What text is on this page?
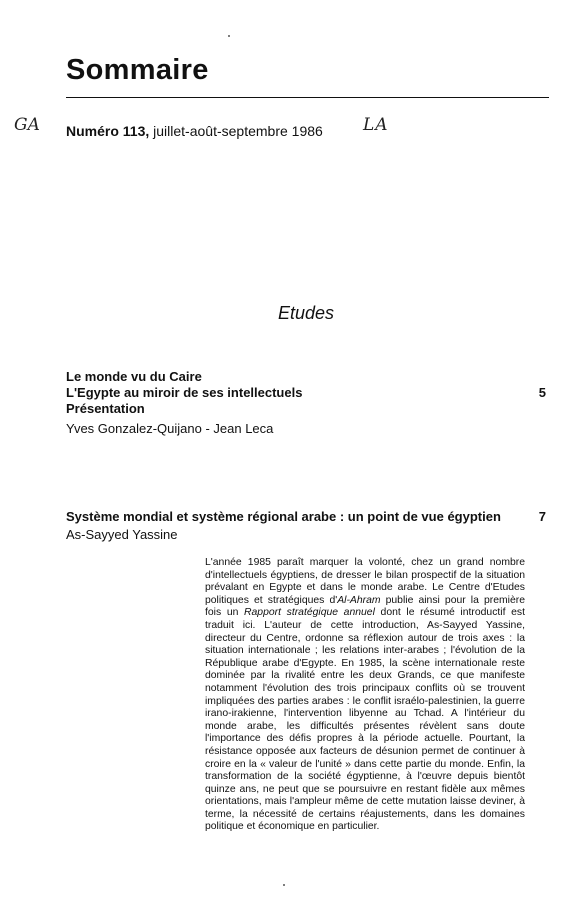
Sommaire
GA Numéro 113, juillet-août-septembre 1986 LA
Etudes

Le monde vu du Caire

L'Egypte au miroir de ses intellectuels

Présentation

Yves Gonzalez-Quijano - Jean Leca

5

Système mondial et système régional arabe : un point de vue égyptien

As-Sayyed Yassine

7

L'année 1985 paraît marquer la volonté, chez un grand nombre d'intellectuels égyptiens, de dresser le bilan prospectif de la situation prévalant en Egypte et dans le monde arabe. Le Centre d'Etudes politiques et stratégiques d'Al-Ahram publie ainsi pour la première fois un Rapport stratégique annuel dont le résumé introductif est traduit ici. L'auteur de cette introduction, As-Sayyed Yassine, directeur du Centre, ordonne sa réflexion autour de trois axes : la situation internationale ; les relations inter-arabes ; l'évolution de la République arabe d'Egypte. En 1985, la scène internationale reste dominée par la rivalité entre les deux Grands, ce que manifeste notamment l'évolution des trois principaux conflits où se trouvent impliquées des parties arabes : le conflit israélo-palestinien, la guerre irano-irakienne, l'intervention libyenne au Tchad. A l'intérieur du monde arabe, les difficultés présentes révèlent sans doute l'importance des défis propres à la période actuelle. Pourtant, la résistance opposée aux facteurs de désunion permet de continuer à croire en la « valeur de l'unité » dans cette partie du monde. Enfin, la transformation de la société égyptienne, à l'œuvre depuis bientôt quinze ans, ne peut que se poursuivre en restant fidèle aux mêmes orientations, mais l'ampleur même de cette mutation laisse deviner, à terme, la nécessité de certains réajustements, dans les domaines politique et économique en particulier.
